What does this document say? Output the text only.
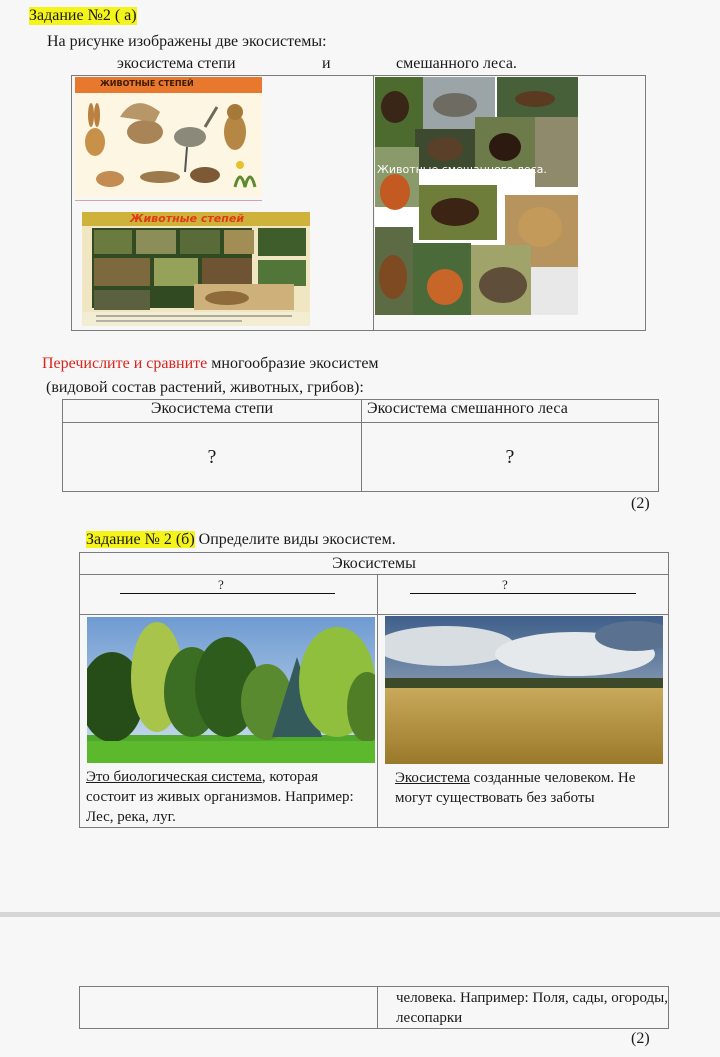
Задание №2 ( а)
На рисунке изображены две экосистемы:
экосистема степи	и	смешанного леса.

ЖИВОТНЫЕ СТЕПЕЙ
Животные степей
Животные смешанного леса.
Перечислите и сравните многообразие экосистем
(видовой состав растений, животных, грибов):
Экосистема степи	Экосистема смешанного леса
?	?
(2)
Задание № 2 (б) Определите виды экосистем.
Экосистемы	

?	?

Это биологическая система, которая состоит из живых организмов. Например: Лес, река, луг.	Экосистема созданные человеком. Не могут существовать без заботы
	человека. Например: Поля, сады, огороды, лесопарки
(2)
